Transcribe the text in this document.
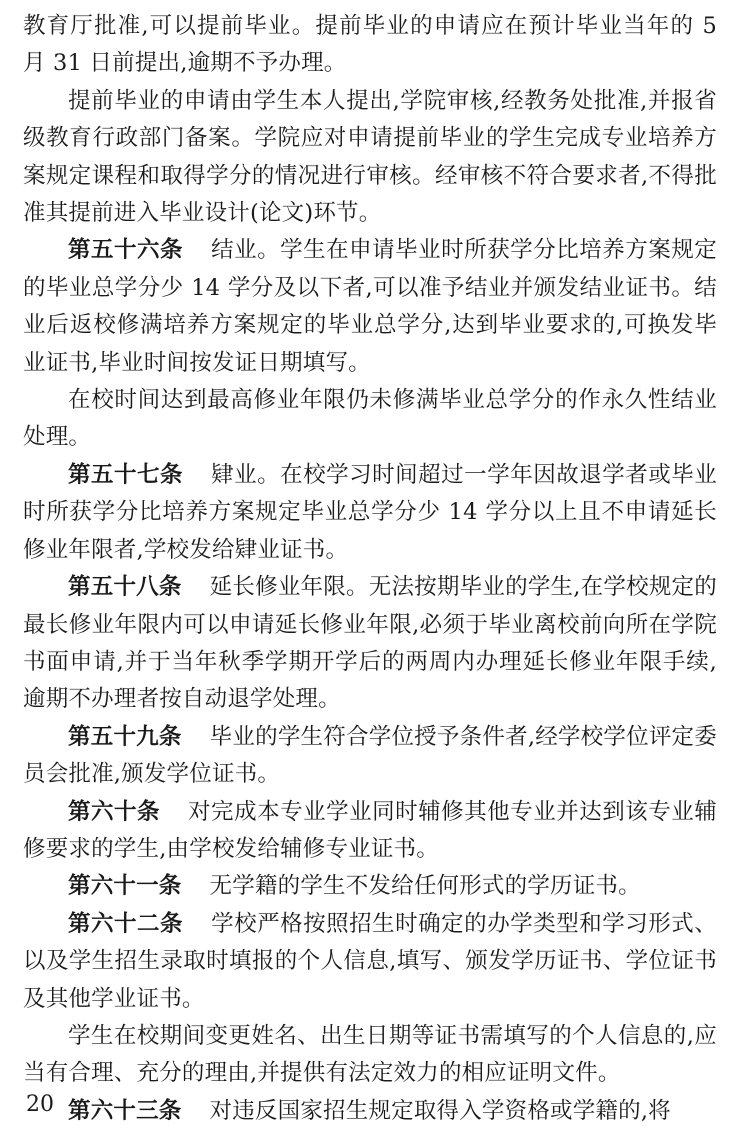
教育厅批准,可以提前毕业。提前毕业的申请应在预计毕业当年的 5 月 31 日前提出,逾期不予办理。

提前毕业的申请由学生本人提出,学院审核,经教务处批准,并报省级教育行政部门备案。学院应对申请提前毕业的学生完成专业培养方案规定课程和取得学分的情况进行审核。经审核不符合要求者,不得批准其提前进入毕业设计(论文)环节。

第五十六条 结业。学生在申请毕业时所获学分比培养方案规定的毕业总学分少 14 学分及以下者,可以准予结业并颁发结业证书。结业后返校修满培养方案规定的毕业总学分,达到毕业要求的,可换发毕业证书,毕业时间按发证日期填写。

在校时间达到最高修业年限仍未修满毕业总学分的作永久性结业处理。

第五十七条 肄业。在校学习时间超过一学年因故退学者或毕业时所获学分比培养方案规定毕业总学分少 14 学分以上且不申请延长修业年限者,学校发给肄业证书。

第五十八条 延长修业年限。无法按期毕业的学生,在学校规定的最长修业年限内可以申请延长修业年限,必须于毕业离校前向所在学院书面申请,并于当年秋季学期开学后的两周内办理延长修业年限手续,逾期不办理者按自动退学处理。

第五十九条 毕业的学生符合学位授予条件者,经学校学位评定委员会批准,颁发学位证书。

第六十条 对完成本专业学业同时辅修其他专业并达到该专业辅修要求的学生,由学校发给辅修专业证书。

第六十一条 无学籍的学生不发给任何形式的学历证书。

第六十二条 学校严格按照招生时确定的办学类型和学习形式、以及学生招生录取时填报的个人信息,填写、颁发学历证书、学位证书及其他学业证书。

学生在校期间变更姓名、出生日期等证书需填写的个人信息的,应当有合理、充分的理由,并提供有法定效力的相应证明文件。

第六十三条 对违反国家招生规定取得入学资格或学籍的,将

20
